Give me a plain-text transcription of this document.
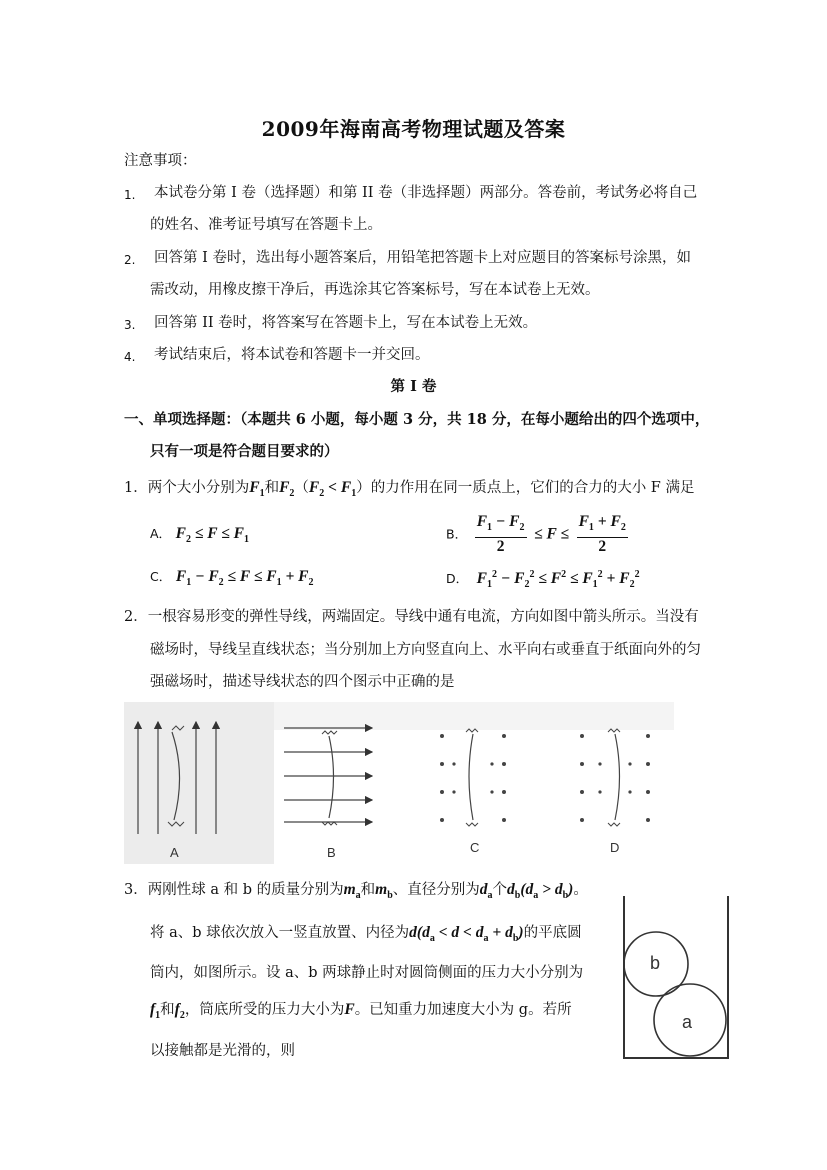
2009年海南高考物理试题及答案
注意事项：
1. 本试卷分第 I 卷（选择题）和第 II 卷（非选择题）两部分。答卷前，考试务必将自己
的姓名、准考证号填写在答题卡上。
2. 回答第 I 卷时，选出每小题答案后，用铅笔把答题卡上对应题目的答案标号涂黑，如
需改动，用橡皮擦干净后，再选涂其它答案标号，写在本试卷上无效。
3. 回答第 II 卷时，将答案写在答题卡上，写在本试卷上无效。
4. 考试结束后，将本试卷和答题卡一并交回。
第 I 卷
一、单项选择题：（本题共 6 小题，每小题 3 分，共 18 分，在每小题给出的四个选项中，
只有一项是符合题目要求的）
1．两个大小分别为$F_1$和$F_2(F_2 < F_1)$的力作用在同一质点上，它们的合力的大小 F 满足
A． $F_2 \le F \le F_1$	B． $\frac{F_1 - F_2}{2} \le F \le \frac{F_1 + F_2}{2}$
C． $F_1 - F_2 \le F \le F_1 + F_2$	D．  $F_1^2 - F_2^2 \le F^2 \le F_1^2 + F_2^2$
2．一根容易形变的弹性导线，两端固定。导线中通有电流，方向如图中箭头所示。当没有
磁场时，导线呈直线状态；当分别加上方向竖直向上、水平向右或垂直于纸面向外的匀
强磁场时，描述导线状态的四个图示中正确的是
A	B	C	D
3．两刚性球 a 和 b 的质量分别为$m_a$和$m_b$、直径分别为$d_a$个$d_b(d_a > d_b)$。
将 a、b 球依次放入一竖直放置、内径为$d(d_a < d < d_a + d_b)$的平底圆
筒内，如图所示。设 a、b 两球静止时对圆筒侧面的压力大小分别为
$f_1$和$f_2$，筒底所受的压力大小为F。已知重力加速度大小为 g。若所
以接触都是光滑的，则
b
a
